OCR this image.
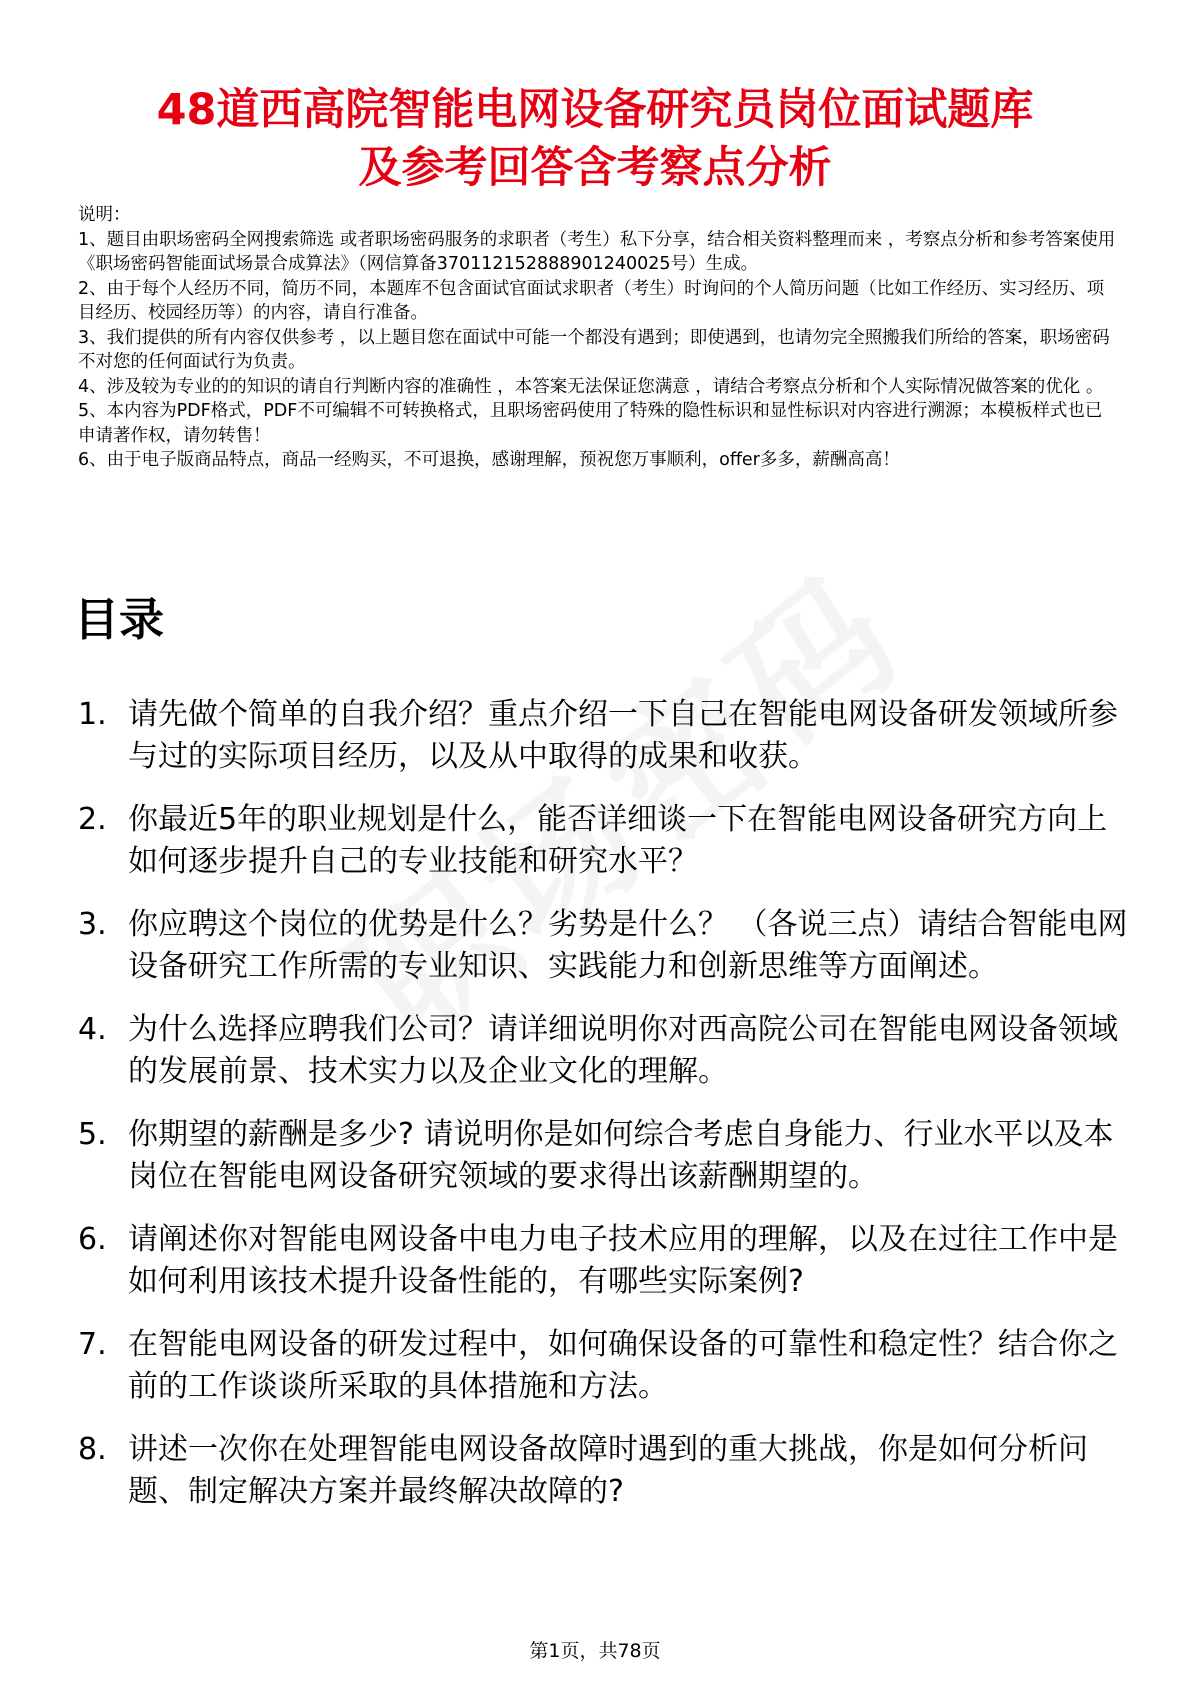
48道西高院智能电网设备研究员岗位面试题库
及参考回答含考察点分析

说明：

1、题目由职场密码全网搜索筛选 或者职场密码服务的求职者（考生）私下分享，结合相关资料整理而来 ，考察点分析和参考答案使用《职场密码智能面试场景合成算法》（网信算备370112152888901240025号）生成。

2、由于每个人经历不同，简历不同，本题库不包含面试官面试求职者（考生）时询问的个人简历问题（比如工作经历、实习经历、项目经历、校园经历等）的内容，请自行准备。

3、我们提供的所有内容仅供参考 ，以上题目您在面试中可能一个都没有遇到；即使遇到，也请勿完全照搬我们所给的答案，职场密码不对您的任何面试行为负责。

4、涉及较为专业的的知识的请自行判断内容的准确性 ，本答案无法保证您满意 ，请结合考察点分析和个人实际情况做答案的优化 。

5、本内容为PDF格式，PDF不可编辑不可转换格式，且职场密码使用了特殊的隐性标识和显性标识对内容进行溯源；本模板样式也已申请著作权，请勿转售！

6、由于电子版商品特点，商品一经购买，不可退换，感谢理解，预祝您万事顺利，offer多多，薪酬高高！

目录
1. 请先做个简单的自我介绍？重点介绍一下自己在智能电网设备研发领域所参与过的实际项目经历，以及从中取得的成果和收获。
2. 你最近5年的职业规划是什么，能否详细谈一下在智能电网设备研究方向上如何逐步提升自己的专业技能和研究水平？
3. 你应聘这个岗位的优势是什么？劣势是什么？ （各说三点）请结合智能电网设备研究工作所需的专业知识、实践能力和创新思维等方面阐述。
4. 为什么选择应聘我们公司？请详细说明你对西高院公司在智能电网设备领域的发展前景、技术实力以及企业文化的理解。
5. 你期望的薪酬是多少? 请说明你是如何综合考虑自身能力、行业水平以及本岗位在智能电网设备研究领域的要求得出该薪酬期望的。
6. 请阐述你对智能电网设备中电力电子技术应用的理解，以及在过往工作中是如何利用该技术提升设备性能的，有哪些实际案例?
7. 在智能电网设备的研发过程中，如何确保设备的可靠性和稳定性？结合你之前的工作谈谈所采取的具体措施和方法。
8. 讲述一次你在处理智能电网设备故障时遇到的重大挑战，你是如何分析问题、制定解决方案并最终解决故障的?
第1页，共78页
